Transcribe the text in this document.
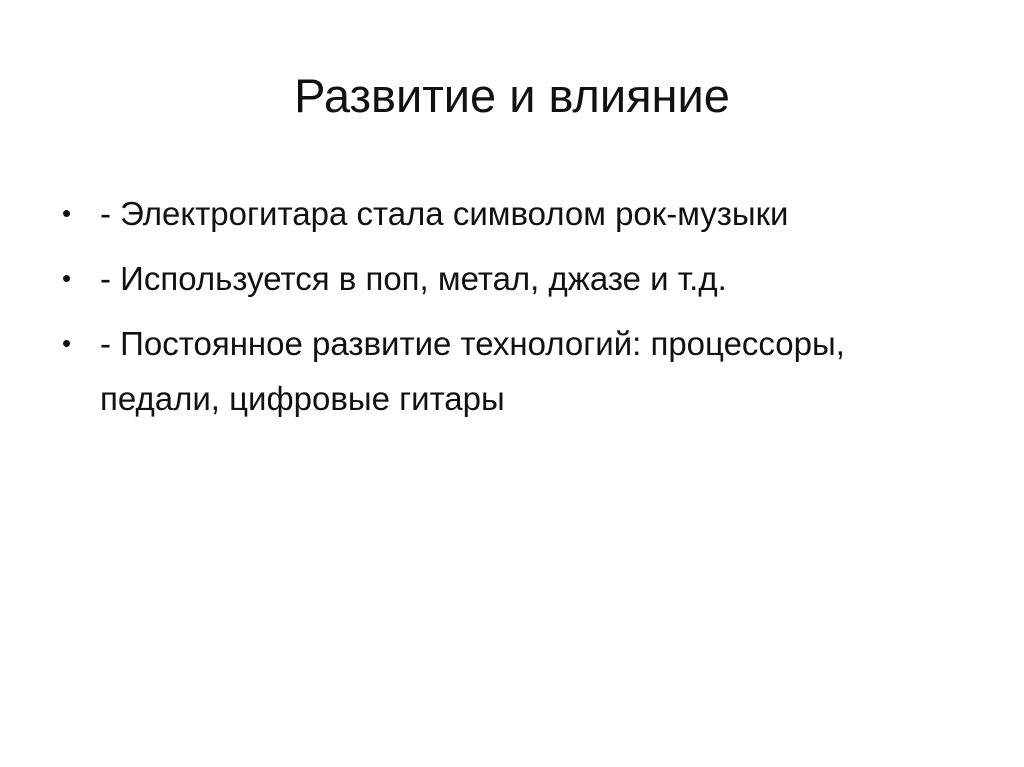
Развитие и влияние
• - Электрогитара стала символом рок-музыки
• - Используется в поп, метал, джазе и т.д.
• - Постоянное развитие технологий: процессоры, педали, цифровые гитары
